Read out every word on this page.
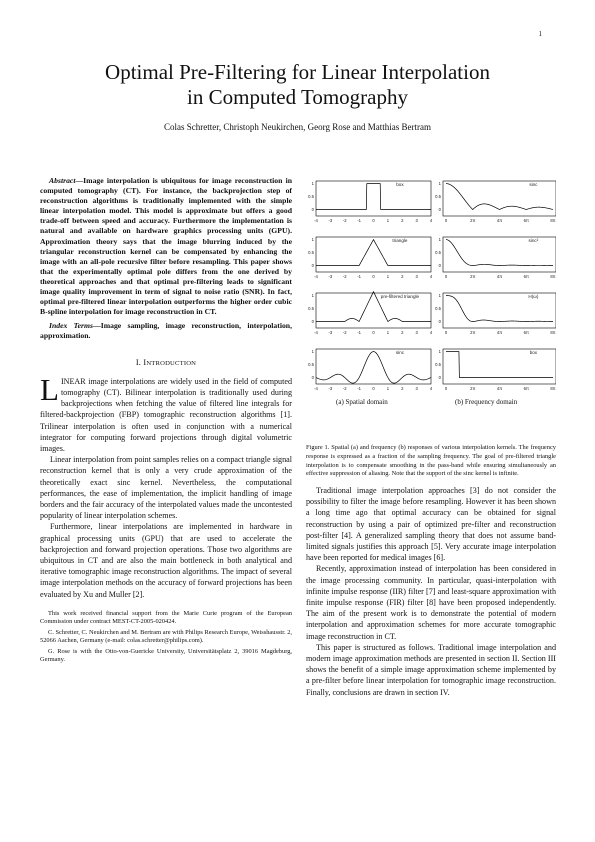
1
Optimal Pre-Filtering for Linear Interpolation
in Computed Tomography
Colas Schretter, Christoph Neukirchen, Georg Rose and Matthias Bertram

Abstract—Image interpolation is ubiquitous for image reconstruction in computed tomography (CT). For instance, the backprojection step of reconstruction algorithms is traditionally implemented with the simple linear interpolation model. This model is approximate but offers a good trade-off between speed and accuracy. Furthermore the implementation is natural and available on hardware graphics processing units (GPU). Approximation theory says that the image blurring induced by the triangular reconstruction kernel can be compensated by enhancing the image with an all-pole recursive filter before resampling. This paper shows that the experimentally optimal pole differs from the one derived by theoretical approaches and that optimal pre-filtering leads to significant image quality improvement in term of signal to noise ratio (SNR). In fact, optimal pre-filtered linear interpolation outperforms the higher order cubic B-spline interpolation for image reconstruction in CT.

Index Terms—Image sampling, image reconstruction, interpolation, approximation.

I. INTRODUCTION

LINEAR image interpolations are widely used in the field of computed tomography (CT). Bilinear interpolation is traditionally used during backprojections when fetching the value of filtered line integrals for filtered-backprojection (FBP) tomographic reconstruction algorithms [1]. Trilinear interpolation is often used in conjunction with a numerical integrator for computing forward projections through digital volumetric images.

Linear interpolation from point samples relies on a compact triangle signal reconstruction kernel that is only a very crude approximation of the theoretically exact sinc kernel. Nevertheless, the computational performances, the ease of implementation, the implicit handling of image borders and the fair accuracy of the interpolated values made the uncontested popularity of linear interpolation schemes.

Furthermore, linear interpolations are implemented in hardware in graphical processing units (GPU) that are used to accelerate the backprojection and forward projection operations. Those two algorithms are ubiquitous in CT and are also the main bottleneck in both analytical and iterative tomographic image reconstruction algorithms. The impact of several image interpolation methods on the accuracy of forward projections has been evaluated by Xu and Muller [2].

This work received financial support from the Marie Curie program of the European Commission under contract MEST-CT-2005-020424.

C. Schretter, C. Neukirchen and M. Bertram are with Philips Research Europe, Weisshausstr. 2, 52066 Aachen, Germany (e-mail: colas.schretter@philips.com).

G. Rose is with the Otto-von-Guericke University, Universitätsplatz 2, 39016 Magdeburg, Germany.

0	0
1	1
0.5	0.5
-4	-3	-2	-1	0	1	2	3	4	0	2π	4π	6π	8π
box	sinc
0	0
1	1
0.5	0.5
-4	-3	-2	-1	0	1	2	3	4	0	2π	4π	6π	8π
triangle	sinc²
0	0
1	1
0.5	0.5
-4	-3	-2	-1	0	1	2	3	4	0	2π	4π	6π	8π
pre-filtered triangle	H(ω)
0	0
1	1
0.5	0.5
-4	-3	-2	-1	0	1	2	3	4	0	2π	4π	6π	8π
sinc	box
(a) Spatial domain	(b) Frequency domain
Figure 1. Spatial (a) and frequency (b) responses of various interpolation kernels. The frequency response is expressed as a fraction of the sampling frequency. The goal of pre-filtered triangle interpolation is to compensate smoothing in the pass-band while ensuring simultaneously an effective suppression of aliasing. Note that the support of the sinc kernel is infinite.

Traditional image interpolation approaches [3] do not consider the possibility to filter the image before resampling. However it has been shown a long time ago that optimal accuracy can be obtained for signal reconstruction by using a pair of optimized pre-filter and reconstruction post-filter [4]. A generalized sampling theory that does not assume band-limited signals justifies this approach [5]. Very accurate image interpolation have been reported for medical images [6].

Recently, approximation instead of interpolation has been considered in the image processing community. In particular, quasi-interpolation with infinite impulse response (IIR) filter [7] and least-square approximation with finite impulse response (FIR) filter [8] have been proposed independently. The aim of the present work is to demonstrate the potential of modern interpolation and approximation schemes for more accurate tomographic image reconstruction in CT.

This paper is structured as follows. Traditional image interpolation and modern image approximation methods are presented in section II. Section III shows the benefit of a simple image approximation scheme implemented by a pre-filter before linear interpolation for tomographic image reconstruction. Finally, conclusions are drawn in section IV.
